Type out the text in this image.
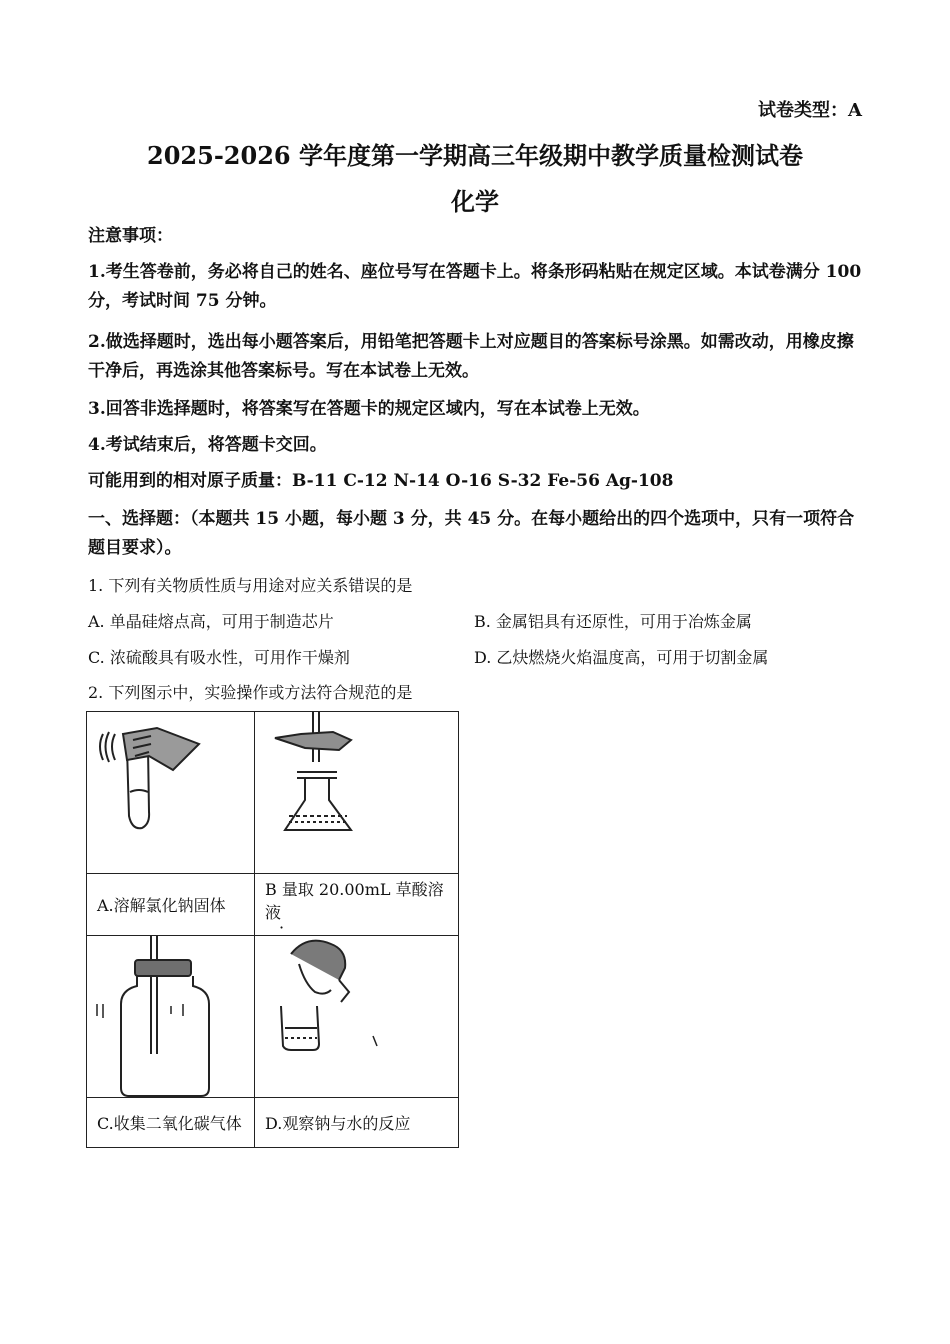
试卷类型：A
2025-2026 学年度第一学期高三年级期中教学质量检测试卷
化学
注意事项：
1.考生答卷前，务必将自己的姓名、座位号写在答题卡上。将条形码粘贴在规定区域。本试卷满分 100 分，考试时间 75 分钟。
2.做选择题时，选出每小题答案后，用铅笔把答题卡上对应题目的答案标号涂黑。如需改动，用橡皮擦干净后，再选涂其他答案标号。写在本试卷上无效。
3.回答非选择题时，将答案写在答题卡的规定区域内，写在本试卷上无效。
4.考试结束后，将答题卡交回。
可能用到的相对原子质量：B-11 C-12 N-14 O-16 S-32 Fe-56 Ag-108
一、选择题：（本题共 15 小题，每小题 3 分，共 45 分。在每小题给出的四个选项中，只有一项符合题目要求）。
1. 下列有关物质性质与用途对应关系错误的是
A. 单晶硅熔点高，可用于制造芯片	B. 金属铝具有还原性，可用于冶炼金属
C. 浓硫酸具有吸水性，可用作干燥剂	D. 乙炔燃烧火焰温度高，可用于切割金属
2. 下列图示中，实验操作或方法符合规范的是

A.溶解氯化钠固体	B 量取 20.00mL 草酸溶液
·

C.收集二氧化碳气体	D.观察钠与水的反应
